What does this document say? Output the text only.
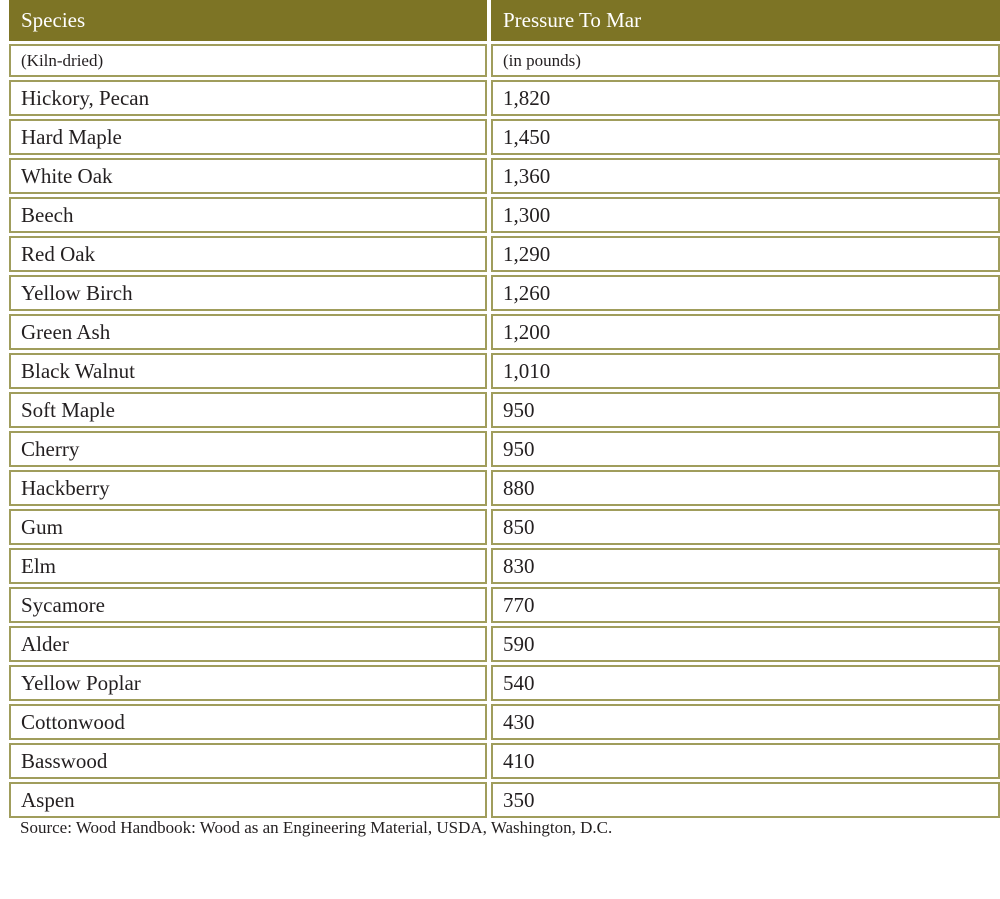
Species	Pressure To Mar
(Kiln-dried)	(in pounds)
Hickory, Pecan	1,820
Hard Maple	1,450
White Oak	1,360
Beech	1,300
Red Oak	1,290
Yellow Birch	1,260
Green Ash	1,200
Black Walnut	1,010
Soft Maple	950
Cherry	950
Hackberry	880
Gum	850
Elm	830
Sycamore	770
Alder	590
Yellow Poplar	540
Cottonwood	430
Basswood	410
Aspen	350
Source: Wood Handbook: Wood as an Engineering Material, USDA, Washington, D.C.
